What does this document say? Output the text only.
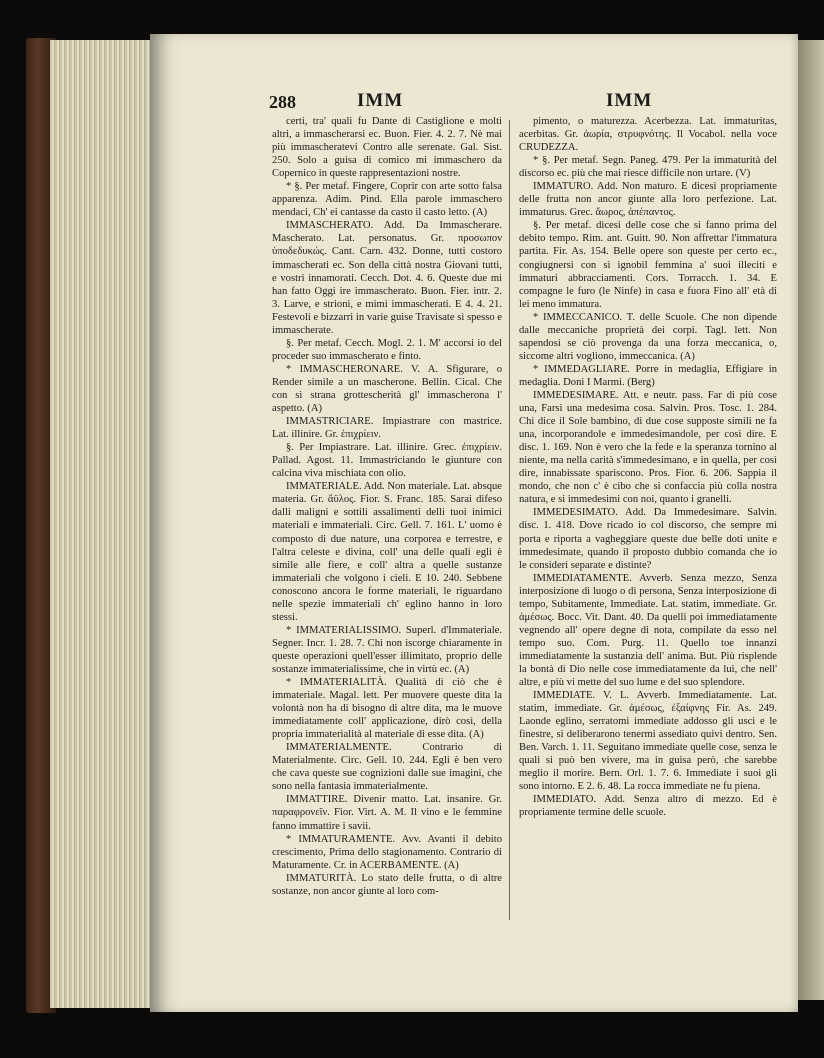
288	IMM	IMM

certi, tra' quali fu Dante di Castiglione e molti altri, a immascherarsi ec. Buon. Fier. 4. 2. 7. Nè mai più immascheratevi Contro alle serenate. Gal. Sist. 250. Solo a guisa di comico mi immaschero da Copernico in queste rappresentazioni nostre.

* §. Per metaf. Fingere, Coprir con arte sotto falsa apparenza. Adim. Pind. Ella parole immaschero mendaci, Ch' ei cantasse da casto il casto letto. (A)

IMMASCHERATO. Add. Da Immascherare. Mascherato. Lat. personatus. Gr. προσωπον ὑποδεδυκώς. Cant. Carn. 432. Donne, tutti costoro immascherati ec. Son della città nostra Giovani tutti, e vostri innamorati. Cecch. Dot. 4. 6. Queste due mi han fatto Oggi ire immascherato. Buon. Fier. intr. 2. 3. Larve, e strioni, e mimi immascherati. E 4. 4. 21. Festevoli e bizzarri in varie guise Travisate sì spesso e immascherate.

§. Per metaf. Cecch. Mogl. 2. 1. M' accorsi io del proceder suo immascherato e finto.

* IMMASCHERONARE. V. A. Sfigurare, o Render simile a un mascherone. Bellin. Cical. Che con sì strana grottescherità gl' immascherona l' aspetto. (A)

IMMASTRICIARE. Impiastrare con mastrice. Lat. illinire. Gr. ἐπιχρίειν.

§. Per Impiastrare. Lat. illinire. Grec. ἐπιχρίειν. Pallad. Agost. 11. Immastriciando le giunture con calcina viva mischiata con olio.

IMMATERIALE. Add. Non materiale. Lat. absque materia. Gr. ἄϋλος. Fior. S. Franc. 185. Sarai difeso dalli maligni e sottili assalimenti delli tuoi inimici materiali e immateriali. Circ. Gell. 7. 161. L' uomo è composto di due nature, una corporea e terrestre, e l'altra celeste e divina, coll' una delle quali egli è simile alle fiere, e coll' altra a quelle sustanze immateriali che volgono i cieli. E 10. 240. Sebbene conoscono ancora le forme materiali, le riguardano nelle spezie immateriali ch' eglino hanno in loro stessi.

* IMMATERIALISSIMO. Superl. d'Immateriale. Segner. Incr. 1. 28. 7. Chi non iscorge chiaramente in queste operazioni quell'esser illimitato, proprio delle sostanze immaterialissime, che in virtù ec. (A)

* IMMATERIALITÀ. Qualità di ciò che è immateriale. Magal. lett. Per muovere queste dita la volontà non ha di bisogno di altre dita, ma le muove immediatamente coll' applicazione, dirò così, della propria immaterialità al materiale di esse dita. (A)

IMMATERIALMENTE. Contrario di Materialmente. Circ. Gell. 10. 244. Egli è ben vero che cava queste sue cognizioni dalle sue imagini, che sono nella fantasia immaterialmente.

IMMATTIRE. Divenir matto. Lat. insanire. Gr. παραφρονεῖν. Fior. Virt. A. M. Il vino e le femmine fanno immattire i savii.

* IMMATURAMENTE. Avv. Avanti il debito crescimento, Prima dello stagionamento. Contrario di Maturamente. Cr. in ACERBAMENTE. (A)

IMMATURITÀ. Lo stato delle frutta, o di altre sostanze, non ancor giunte al loro com-

pimento, o maturezza. Acerbezza. Lat. immaturitas, acerbitas. Gr. ἀωρία, στρυφνότης. Il Vocabol. nella voce CRUDEZZA.

* §. Per metaf. Segn. Paneg. 479. Per la immaturità del discorso ec. più che mai riesce difficile non urtare. (V)

IMMATURO. Add. Non maturo. E dicesi propriamente delle frutta non ancor giunte alla loro perfezione. Lat. immaturus. Grec. ἄωρος, ἀπέπαντος.

§. Per metaf. dicesi delle cose che si fanno prima del debito tempo. Rim. ant. Guitt. 90. Non affrettar l'immatura partita. Fir. As. 154. Belle opere son queste per certo ec., congiugnersi con sì ignobil femmina a' suoi illeciti e immaturi abbracciamenti. Cors. Torracch. 1. 34. E compagne le furo (le Ninfe) in casa e fuora Fino all' età di lei meno immatura.

* IMMECCANICO. T. delle Scuole. Che non dipende dalle meccaniche proprietà dei corpi. Tagl. lett. Non sapendosi se ciò provenga da una forza meccanica, o, siccome altri vogliono, immeccanica. (A)

* IMMEDAGLIARE. Porre in medaglia, Effigiare in medaglia. Doni I Marmi. (Berg)

IMMEDESIMARE. Att. e neutr. pass. Far di più cose una, Farsi una medesima cosa. Salvin. Pros. Tosc. 1. 284. Chi dice il Sole bambino, di due cose supposte simili ne fa una, incorporandole e immedesimandole, per così dire. E disc. 1. 169. Non è vero che la fede e la speranza tornino al niente, ma nella carità s'immedesimano, e in quella, per così dire, innabissate spariscono. Pros. Fior. 6. 206. Sappia il mondo, che non c' è cibo che si confaccia più colla nostra natura, e si immedesimi con noi, quanto i granelli.

IMMEDESIMATO. Add. Da Immedesimare. Salvin. disc. 1. 418. Dove ricado io col discorso, che sempre mi porta e riporta a vagheggiare queste due belle doti unite e immedesimate, quando il proposto dubbio comanda che io le consideri separate e distinte?

IMMEDIATAMENTE. Avverb. Senza mezzo, Senza interposizione di luogo o di persona, Senza interposizione di tempo, Subitamente, Immediate. Lat. statim, immediate. Gr. ἀμέσως. Bocc. Vit. Dant. 40. Da quelli poi immediatamente vegnendo all' opere degne di nota, compilate da esso nel tempo suo. Com. Purg. 11. Quello toe innanzi immediatamente la sustanzia dell' anima. But. Più risplende la bontà di Dio nelle cose immediatamente da lui, che nell' altre, e più vi mette del suo lume e del suo splendore.

IMMEDIATE. V. L. Avverb. Immediatamente. Lat. statim, immediate. Gr. ἀμέσως, ἐξαίφνης Fir. As. 249. Laonde eglino, serratomi immediate addosso gli usci e le finestre, si deliberarono tenermi assediato quivi dentro. Sen. Ben. Varch. 1. 11. Seguitano immediate quelle cose, senza le quali si può ben vivere, ma in guisa però, che sarebbe meglio il morire. Bern. Orl. 1. 7. 6. Immediate i suoi gli sono intorno. E 2. 6. 48. La rocca immediate ne fu piena.

IMMEDIATO. Add. Senza altro di mezzo. Ed è propriamente termine delle scuole.
